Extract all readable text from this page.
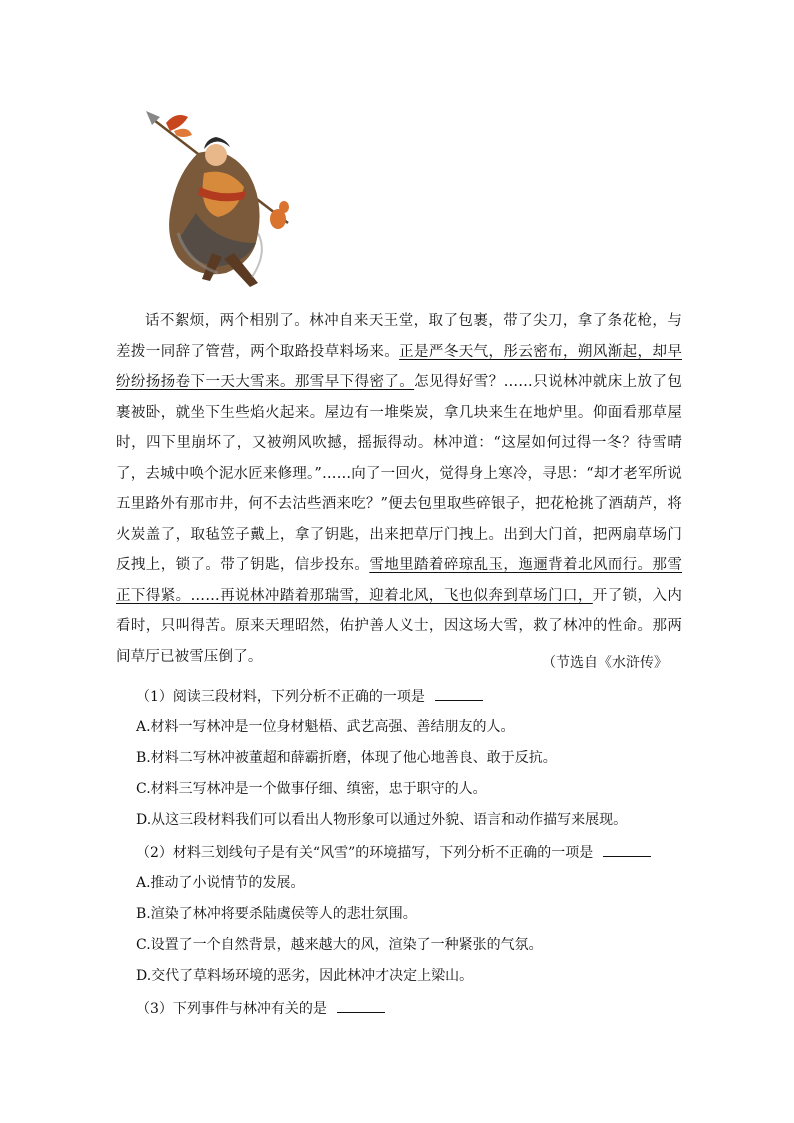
话不絮烦，两个相别了。林冲自来天王堂，取了包裹，带了尖刀，拿了条花枪，与差拨一同辞了管营，两个取路投草料场来。正是严冬天气，彤云密布，朔风渐起，却早纷纷扬扬卷下一天大雪来。那雪早下得密了。怎见得好雪？……只说林冲就床上放了包裹被卧，就坐下生些焰火起来。屋边有一堆柴炭，拿几块来生在地炉里。仰面看那草屋时，四下里崩坏了，又被朔风吹撼，摇振得动。林冲道：“这屋如何过得一冬？待雪晴了，去城中唤个泥水匠来修理。”……向了一回火，觉得身上寒冷，寻思：“却才老军所说五里路外有那市井，何不去沽些酒来吃？”便去包里取些碎银子，把花枪挑了酒葫芦，将火炭盖了，取毡笠子戴上，拿了钥匙，出来把草厅门拽上。出到大门首，把两扇草场门反拽上，锁了。带了钥匙，信步投东。雪地里踏着碎琼乱玉，迤逦背着北风而行。那雪正下得紧。……再说林冲踏着那瑞雪，迎着北风，飞也似奔到草场门口，开了锁，入内看时，只叫得苦。原来天理昭然，佑护善人义士，因这场大雪，救了林冲的性命。那两间草厅已被雪压倒了。	（节选自《水浒传》

（1）阅读三段材料，下列分析不正确的一项是

A.材料一写林冲是一位身材魁梧、武艺高强、善结朋友的人。

B.材料二写林冲被董超和薛霸折磨，体现了他心地善良、敢于反抗。

C.材料三写林冲是一个做事仔细、缜密，忠于职守的人。

D.从这三段材料我们可以看出人物形象可以通过外貌、语言和动作描写来展现。

（2）材料三划线句子是有关“风雪”的环境描写，下列分析不正确的一项是

A.推动了小说情节的发展。

B.渲染了林冲将要杀陆虞侯等人的悲壮氛围。

C.设置了一个自然背景，越来越大的风，渲染了一种紧张的气氛。

D.交代了草料场环境的恶劣，因此林冲才决定上梁山。

（3）下列事件与林冲有关的是
